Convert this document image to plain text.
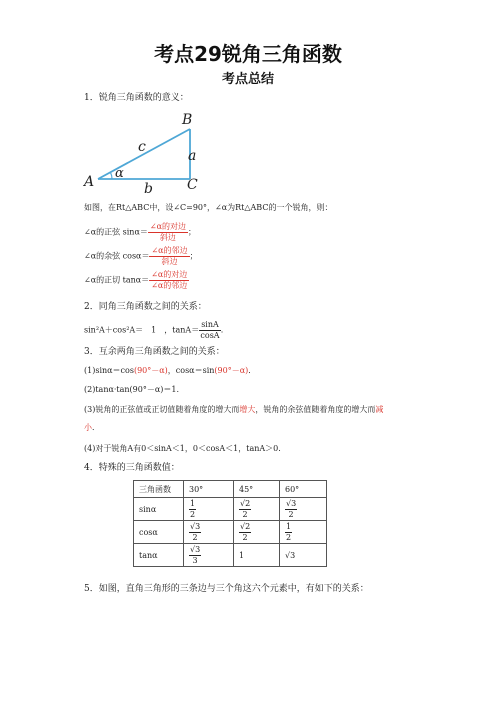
考点29锐角三角函数
考点总结
1．锐角三角函数的意义：
A
B
C
c
a
b
α
如图，在Rt△ABC中，设∠C=90°，∠α为Rt△ABC的一个锐角，则：
∠α的正弦 $\sin\alpha= \frac{\text{∠α的对边}}{\text{斜边}}$ ；
∠α的余弦 $\cos\alpha= \frac{\text{∠α的邻边}}{\text{斜边}}$ ；
∠α的正切 $\tan\alpha= \frac{\text{∠α的对边}}{\text{∠α的邻边}}$
2．同角三角函数之间的关系：
sin²A＋cos²A＝　1　，$\tan A= \frac{\sin A}{\cos A}$ .
3．互余两角三角函数之间的关系：
(1)sinα＝cos(90°－α)，cosα＝sin(90°－α)．
(2)tanα·tan(90°－α)＝1.
(3)锐角的正弦值或正切值随着角度的增大而增大，锐角的余弦值随着角度的增大而减
小．
(4)对于锐角A有0＜sinA＜1，0＜cosA＜1，tanA＞0.
4．特殊的三角函数值：
三角函数	30°	45°	60°
sinα	$\frac{1}{2}$	$\frac{√2}{2}$	$\frac{√3}{2}$

cosα	$\frac{√3}{2}$	$\frac{√2}{2}$	$\frac{1}{2}$

tanα	$\frac{√3}{3}$	1	√3
5．如图，直角三角形的三条边与三个角这六个元素中，有如下的关系：
